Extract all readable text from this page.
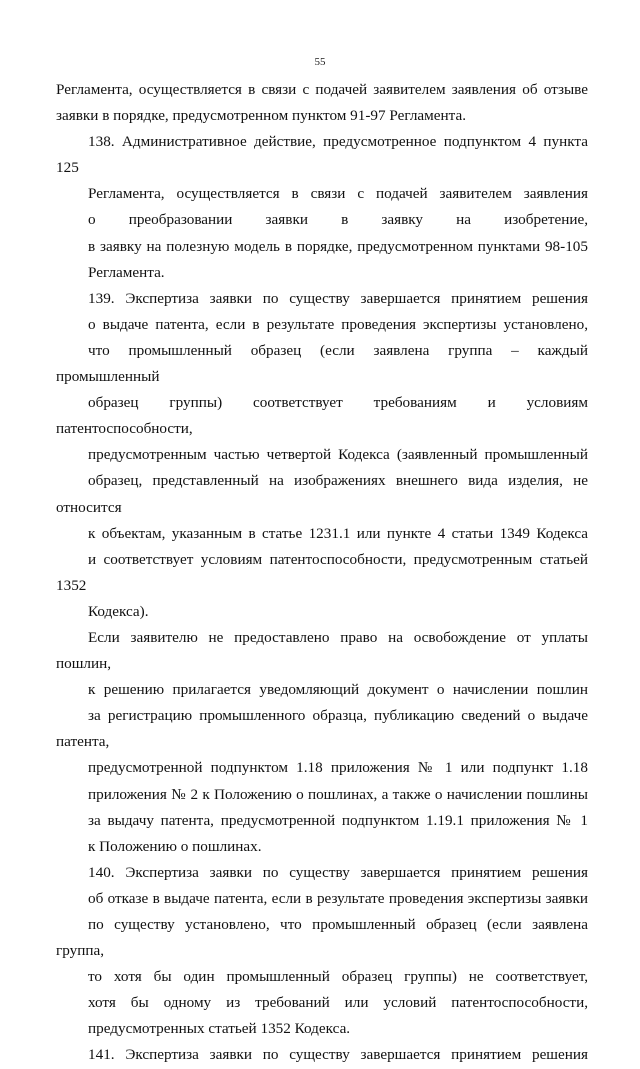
55

Регламента, осуществляется в связи с подачей заявителем заявления об отзыве
заявки в порядке, предусмотренном пунктом 91-97 Регламента.

138. Административное действие, предусмотренное подпунктом 4 пункта 125
Регламента, осуществляется в связи с подачей заявителем заявления
о преобразовании заявки в заявку на изобретение,
в заявку на полезную модель в порядке, предусмотренном пунктами 98-105
Регламента.

139. Экспертиза заявки по существу завершается принятием решения
о выдаче патента, если в результате проведения экспертизы установлено,
что промышленный образец (если заявлена группа – каждый промышленный
образец группы) соответствует требованиям и условиям патентоспособности,
предусмотренным частью четвертой Кодекса (заявленный промышленный
образец, представленный на изображениях внешнего вида изделия, не относится
к объектам, указанным в статье 1231.1 или пункте 4 статьи 1349 Кодекса
и соответствует условиям патентоспособности, предусмотренным статьей 1352
Кодекса).

Если заявителю не предоставлено право на освобождение от уплаты пошлин,
к решению прилагается уведомляющий документ о начислении пошлин
за регистрацию промышленного образца, публикацию сведений о выдаче патента,
предусмотренной подпунктом 1.18 приложения № 1 или подпункт 1.18
приложения № 2 к Положению о пошлинах, а также о начислении пошлины
за выдачу патента, предусмотренной подпунктом 1.19.1 приложения № 1
к Положению о пошлинах.

140. Экспертиза заявки по существу завершается принятием решения
об отказе в выдаче патента, если в результате проведения экспертизы заявки
по существу установлено, что промышленный образец (если заявлена группа,
то хотя бы один промышленный образец группы) не соответствует,
хотя бы одному из требований или условий патентоспособности,
предусмотренных статьей 1352 Кодекса.

141. Экспертиза заявки по существу завершается принятием решения
